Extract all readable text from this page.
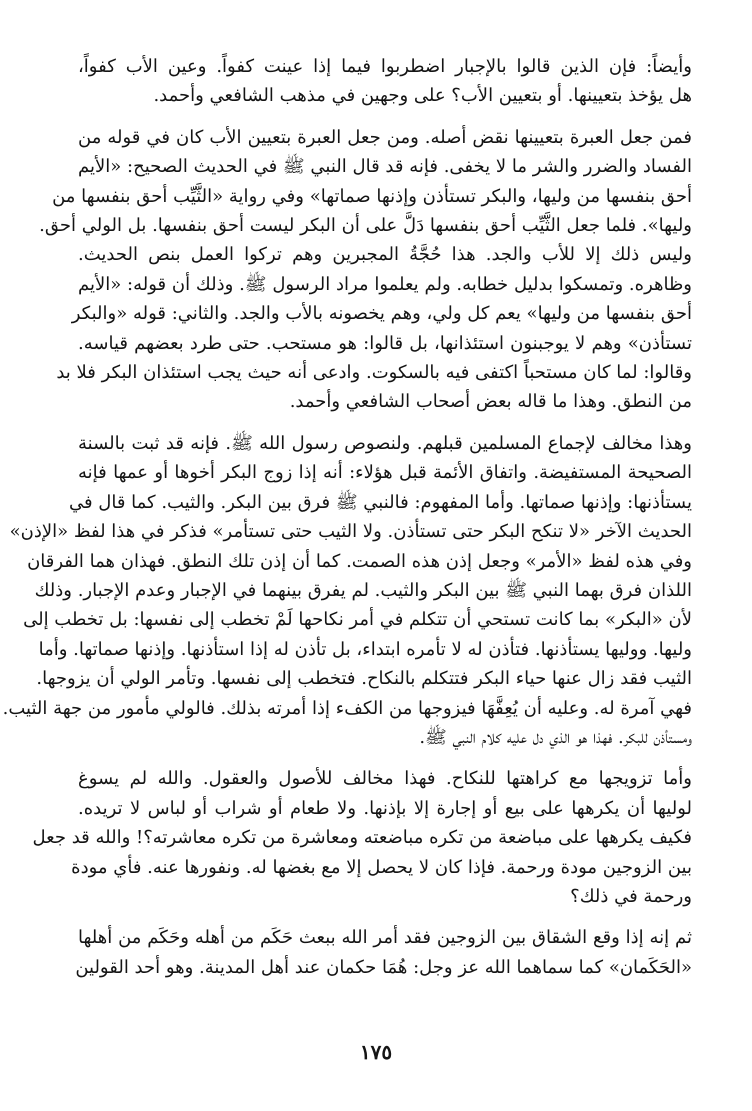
وأيضاً: فإن الذين قالوا بالإجبار اضطربوا فيما إذا عينت كفواً. وعين الأب كفواً،
هل يؤخذ بتعيينها. أو بتعيين الأب؟ على وجهين في مذهب الشافعي وأحمد.
فمن جعل العبرة بتعيينها نقض أصله. ومن جعل العبرة بتعيين الأب كان في قوله من
الفساد والضرر والشر ما لا يخفى. فإنه قد قال النبي ﷺ في الحديث الصحيح: «الأيم
أحق بنفسها من وليها، والبكر تستأذن وإذنها صماتها» وفي رواية «الثَّيِّب أحق بنفسها من
وليها». فلما جعل الثَّيِّب أحق بنفسها دَلَّ على أن البكر ليست أحق بنفسها. بل الولي أحق.
وليس ذلك إلا للأب والجد. هذا حُجَّةُ المجبرين وهم تركوا العمل بنص الحديث.
وظاهره. وتمسكوا بدليل خطابه. ولم يعلموا مراد الرسول ﷺ. وذلك أن قوله: «الأيم
أحق بنفسها من وليها» يعم كل ولي، وهم يخصونه بالأب والجد. والثاني: قوله «والبكر
تستأذن» وهم لا يوجبنون استئذانها، بل قالوا: هو مستحب. حتى طرد بعضهم قياسه.
وقالوا: لما كان مستحباً اكتفى فيه بالسكوت. وادعى أنه حيث يجب استئذان البكر فلا بد
من النطق. وهذا ما قاله بعض أصحاب الشافعي وأحمد.
وهذا مخالف لإجماع المسلمين قبلهم. ولنصوص رسول الله ﷺ. فإنه قد ثبت بالسنة
الصحيحة المستفيضة. واتفاق الأئمة قبل هؤلاء: أنه إذا زوج البكر أخوها أو عمها فإنه
يستأذنها: وإذنها صماتها. وأما المفهوم: فالنبي ﷺ فرق بين البكر. والثيب. كما قال في
الحديث الآخر «لا تنكح البكر حتى تستأذن. ولا الثيب حتى تستأمر» فذكر في هذا لفظ «الإذن»
وفي هذه لفظ «الأمر» وجعل إذن هذه الصمت. كما أن إذن تلك النطق. فهذان هما الفرقان
اللذان فرق بهما النبي ﷺ بين البكر والثيب. لم يفرق بينهما في الإجبار وعدم الإجبار. وذلك
لأن «البكر» بما كانت تستحي أن تتكلم في أمر نكاحها لَمْ تخطب إلى نفسها: بل تخطب إلى
وليها. ووليها يستأذنها. فتأذن له لا تأمره ابتداء، بل تأذن له إذا استأذنها. وإذنها صماتها. وأما
الثيب فقد زال عنها حياء البكر فتتكلم بالنكاح. فتخطب إلى نفسها. وتأمر الولي أن يزوجها.
فهي آمرة له. وعليه أن يُعِفَّهَا فيزوجها من الكفء إذا أمرته بذلك. فالولي مأمور من جهة الثيب.
ومستأذن للبكر. فهذا هو الذي دل عليه كلام النبي ﷺ.
وأما تزويجها مع كراهتها للنكاح. فهذا مخالف للأصول والعقول. والله لم يسوغ
لوليها أن يكرهها على بيع أو إجارة إلا بإذنها. ولا طعام أو شراب أو لباس لا تريده.
فكيف يكرهها على مباضعة من تكره مباضعته ومعاشرة من تكره معاشرته؟! والله قد جعل
بين الزوجين مودة ورحمة. فإذا كان لا يحصل إلا مع بغضها له. ونفورها عنه. فأي مودة
ورحمة في ذلك؟
ثم إنه إذا وقع الشقاق بين الزوجين فقد أمر الله ببعث حَكَم من أهله وحَكَم من أهلها
«الحَكَمان» كما سماهما الله عز وجل: هُمَا حكمان عند أهل المدينة. وهو أحد القولين
١٧٥
